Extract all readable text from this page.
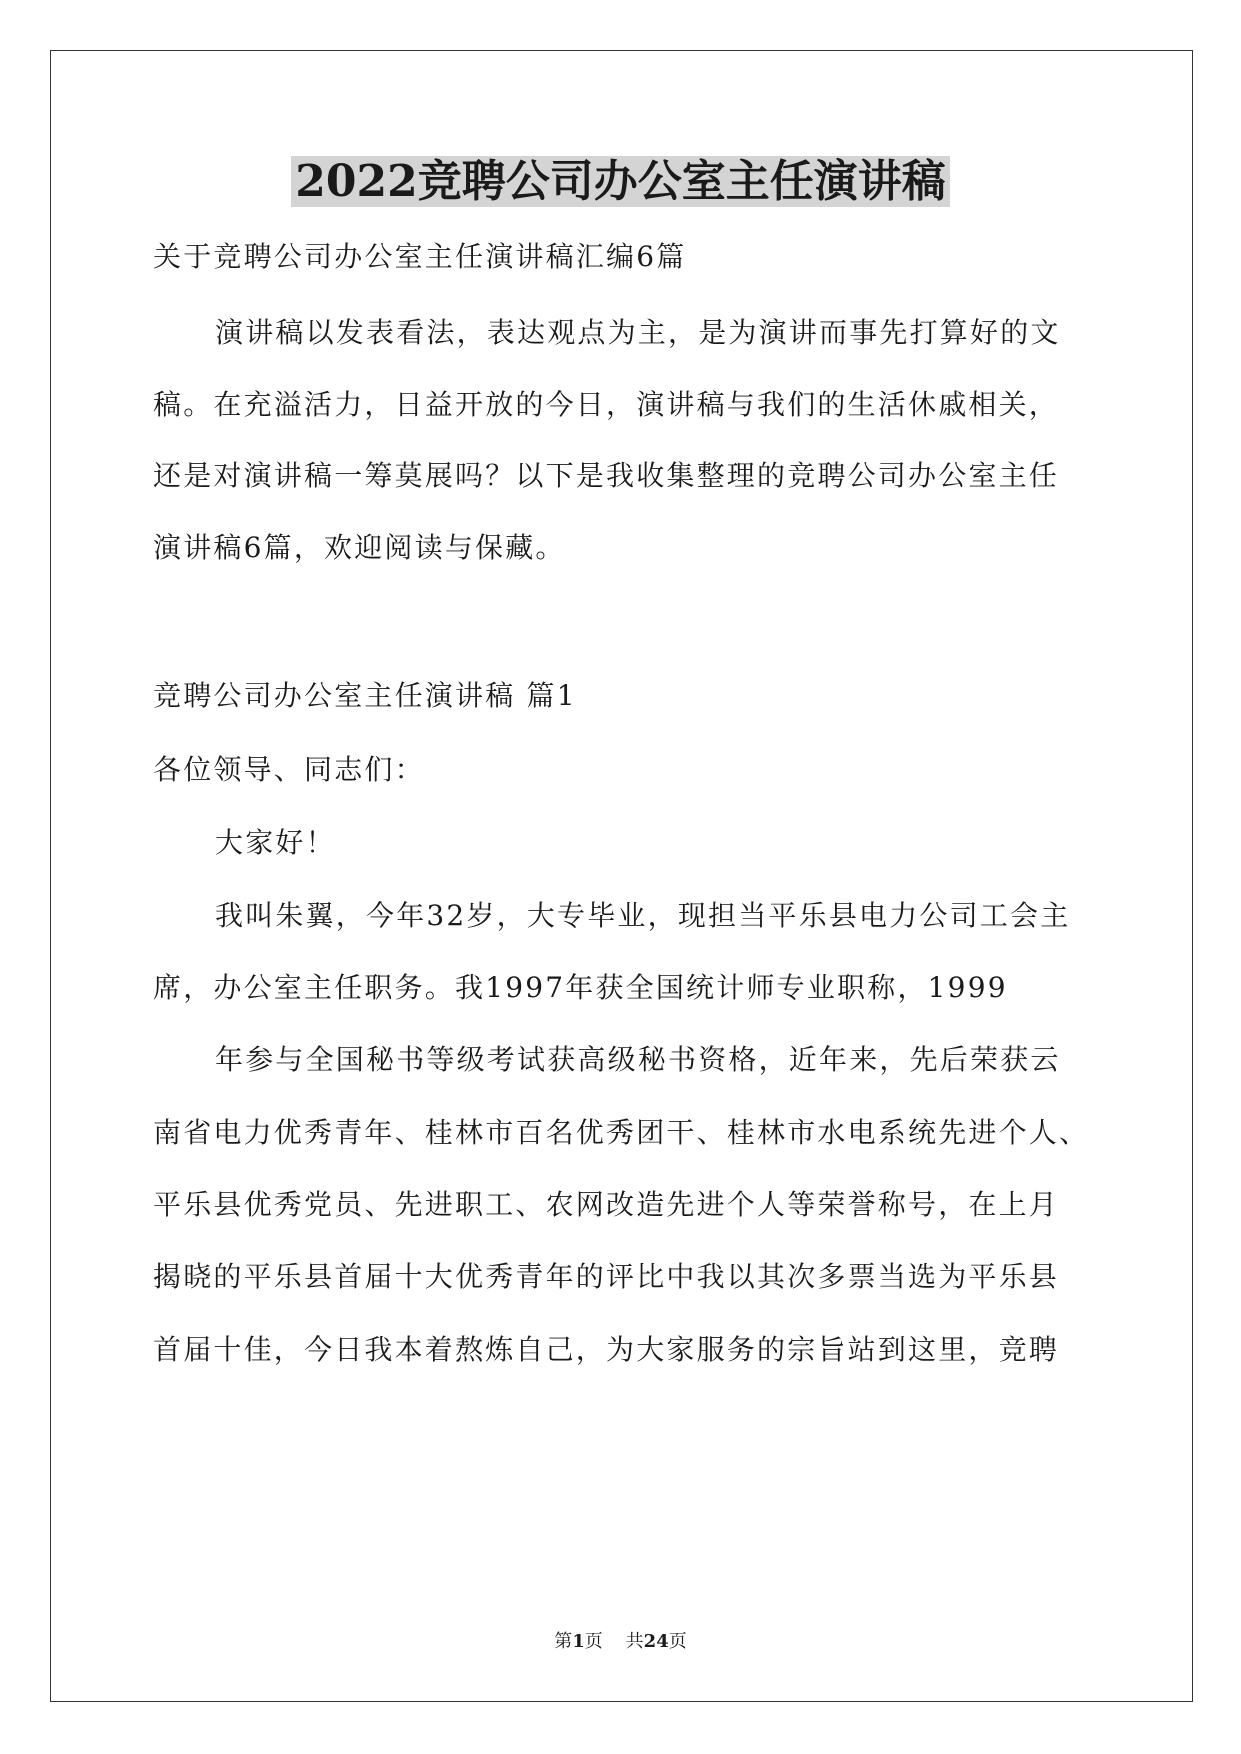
2022竞聘公司办公室主任演讲稿

关于竞聘公司办公室主任演讲稿汇编6篇

演讲稿以发表看法，表达观点为主，是为演讲而事先打算好的文

稿。在充溢活力，日益开放的今日，演讲稿与我们的生活休戚相关，

还是对演讲稿一筹莫展吗？以下是我收集整理的竞聘公司办公室主任

演讲稿6篇，欢迎阅读与保藏。

竞聘公司办公室主任演讲稿 篇1

各位领导、同志们：

大家好！

我叫朱翼，今年32岁，大专毕业，现担当平乐县电力公司工会主

席，办公室主任职务。我1997年获全国统计师专业职称，1999

年参与全国秘书等级考试获高级秘书资格，近年来，先后荣获云

南省电力优秀青年、桂林市百名优秀团干、桂林市水电系统先进个人、

平乐县优秀党员、先进职工、农网改造先进个人等荣誉称号，在上月

揭晓的平乐县首届十大优秀青年的评比中我以其次多票当选为平乐县

首届十佳，今日我本着熬炼自己，为大家服务的宗旨站到这里，竞聘

第1页    共24页
